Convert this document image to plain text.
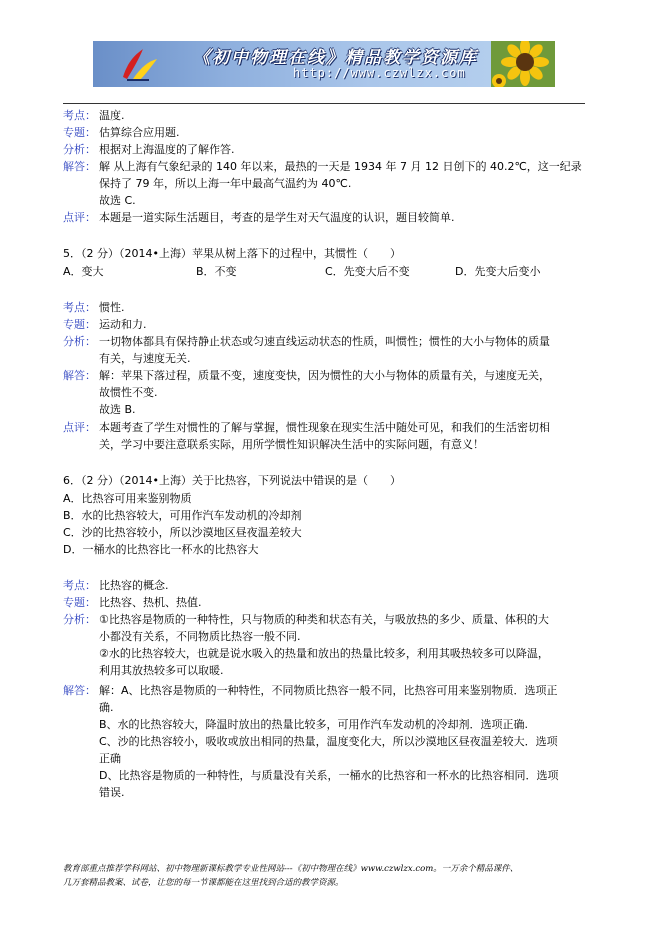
《初中物理在线》精品教学资源库
http://www.czwlzx.com
考点： 温度.
专题： 估算综合应用题.
分析： 根据对上海温度的了解作答.
解答： 解 从上海有气象纪录的 140 年以来，最热的一天是 1934 年 7 月 12 日创下的 40.2℃，这一纪录
保持了 79 年，所以上海一年中最高气温约为 40℃.
故选 C.
点评： 本题是一道实际生活题目，考查的是学生对天气温度的认识，题目较简单.
5．（2 分）（2014•上海）苹果从树上落下的过程中，其惯性（　　）
A．变大	B．不变	C．先变大后不变	D．先变大后变小
考点： 惯性.
专题： 运动和力.
分析： 一切物体都具有保持静止状态或匀速直线运动状态的性质，叫惯性；惯性的大小与物体的质量
有关，与速度无关.
解答： 解：苹果下落过程，质量不变，速度变快，因为惯性的大小与物体的质量有关，与速度无关，
故惯性不变.
故选 B.
点评： 本题考查了学生对惯性的了解与掌握，惯性现象在现实生活中随处可见，和我们的生活密切相
关，学习中要注意联系实际，用所学惯性知识解决生活中的实际问题，有意义！
6．（2 分）（2014•上海）关于比热容，下列说法中错误的是（　　）
A．比热容可用来鉴别物质
B．水的比热容较大，可用作汽车发动机的冷却剂
C．沙的比热容较小，所以沙漠地区昼夜温差较大
D．一桶水的比热容比一杯水的比热容大
考点： 比热容的概念.
专题： 比热容、热机、热值.
分析： ①比热容是物质的一种特性，只与物质的种类和状态有关，与吸放热的多少、质量、体积的大
小都没有关系，不同物质比热容一般不同.
②水的比热容较大，也就是说水吸入的热量和放出的热量比较多，利用其吸热较多可以降温，
利用其放热较多可以取暖.
解答： 解：A、比热容是物质的一种特性，不同物质比热容一般不同，比热容可用来鉴别物质．选项正
确.
B、水的比热容较大，降温时放出的热量比较多，可用作汽车发动机的冷却剂．选项正确.
C、沙的比热容较小，吸收或放出相同的热量，温度变化大，所以沙漠地区昼夜温差较大．选项
正确
D、比热容是物质的一种特性，与质量没有关系，一桶水的比热容和一杯水的比热容相同．选项
错误.
教育部重点推荐学科网站、初中物理新课标教学专业性网站---《初中物理在线》www.czwlzx.com。一万余个精品课件、
几万套精品教案、试卷，让您的每一节课都能在这里找到合适的教学资源。
